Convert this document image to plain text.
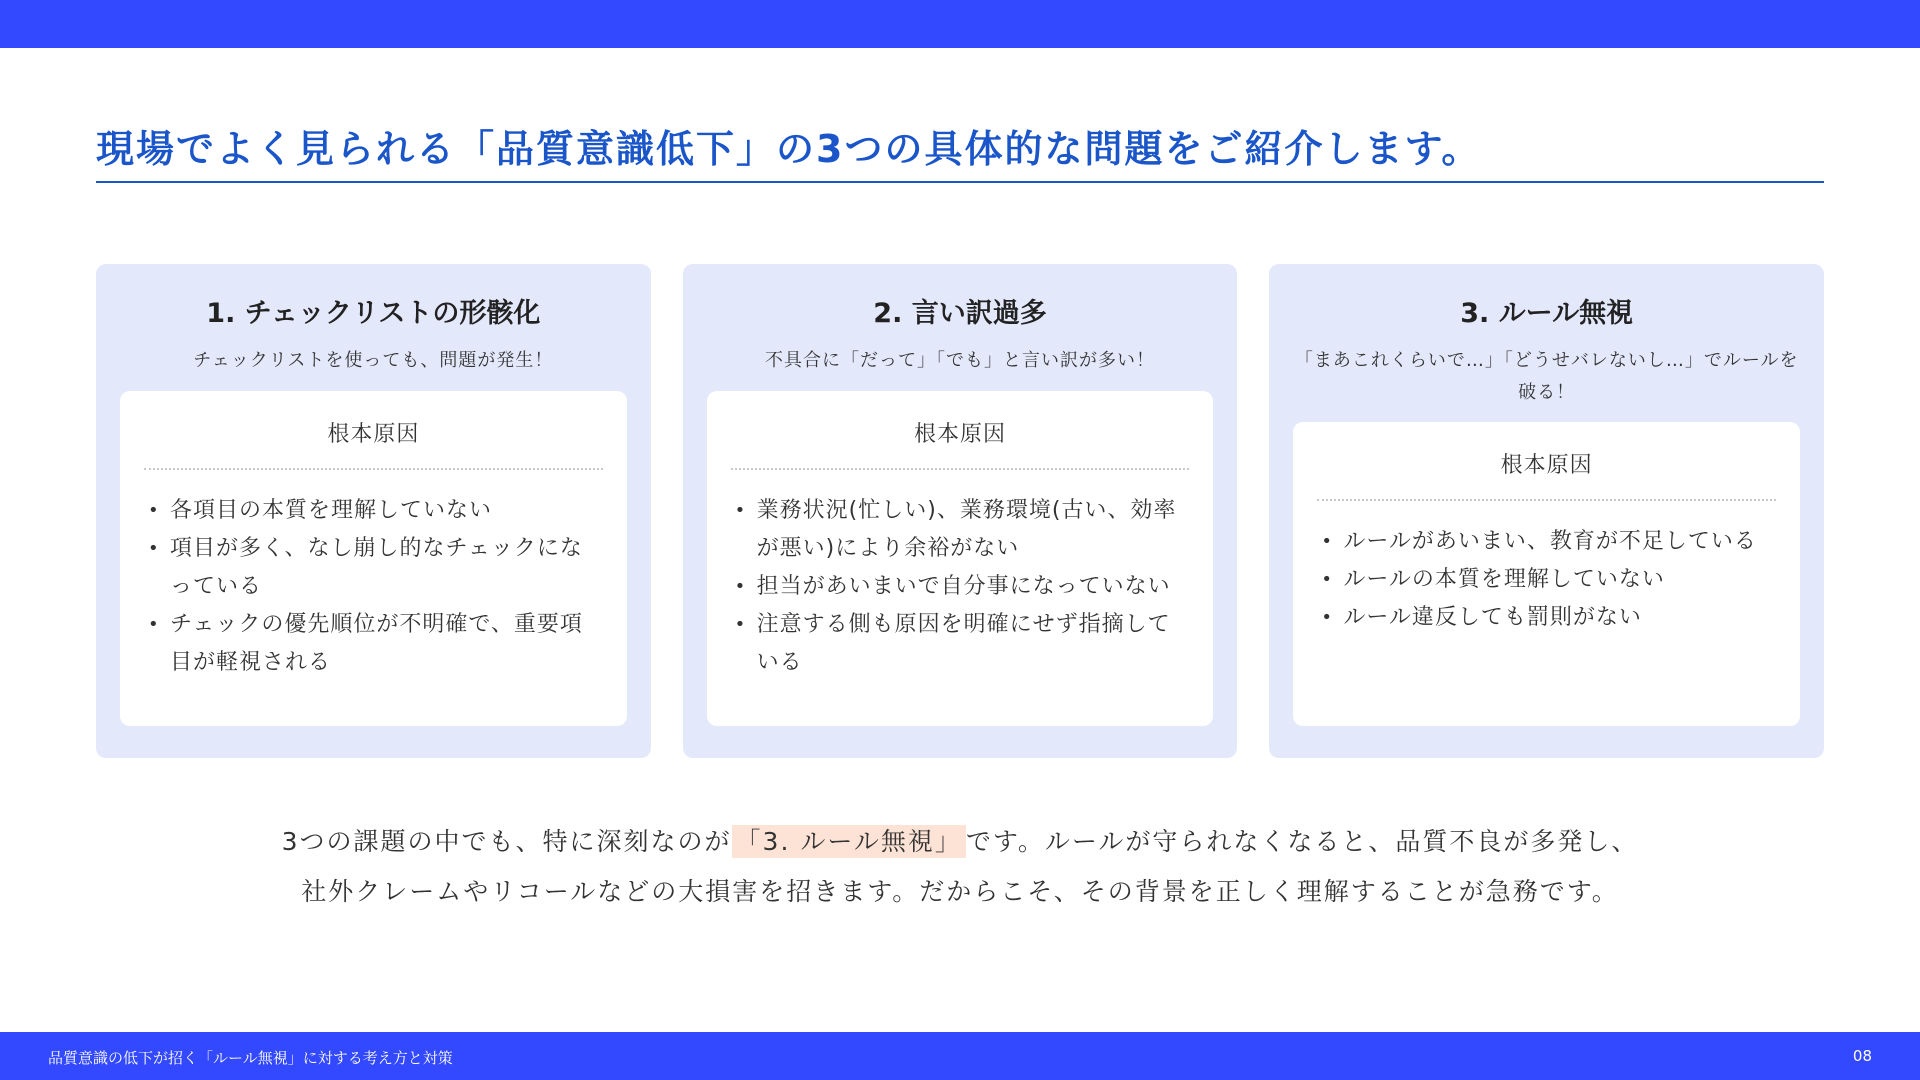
現場でよく見られる「品質意識低下」の3つの具体的な問題をご紹介します。
1. チェックリストの形骸化
チェックリストを使っても、問題が発生！
根本原因
• 各項目の本質を理解していない
• 項目が多く、なし崩し的なチェックになっている
• チェックの優先順位が不明確で、重要項目が軽視される
2. 言い訳過多
不具合に「だって」「でも」と言い訳が多い！
根本原因
• 業務状況(忙しい)、業務環境(古い、効率が悪い)により余裕がない
• 担当があいまいで自分事になっていない
• 注意する側も原因を明確にせず指摘している
3. ルール無視
「まあこれくらいで…」「どうせバレないし…」でルールを破る！
根本原因
• ルールがあいまい、教育が不足している
• ルールの本質を理解していない
• ルール違反しても罰則がない
3つの課題の中でも、特に深刻なのが 「3. ルール無視」 です。ルールが守られなくなると、品質不良が多発し、
社外クレームやリコールなどの大損害を招きます。だからこそ、その背景を正しく理解することが急務です。
品質意識の低下が招く「ルール無視」に対する考え方と対策	08
